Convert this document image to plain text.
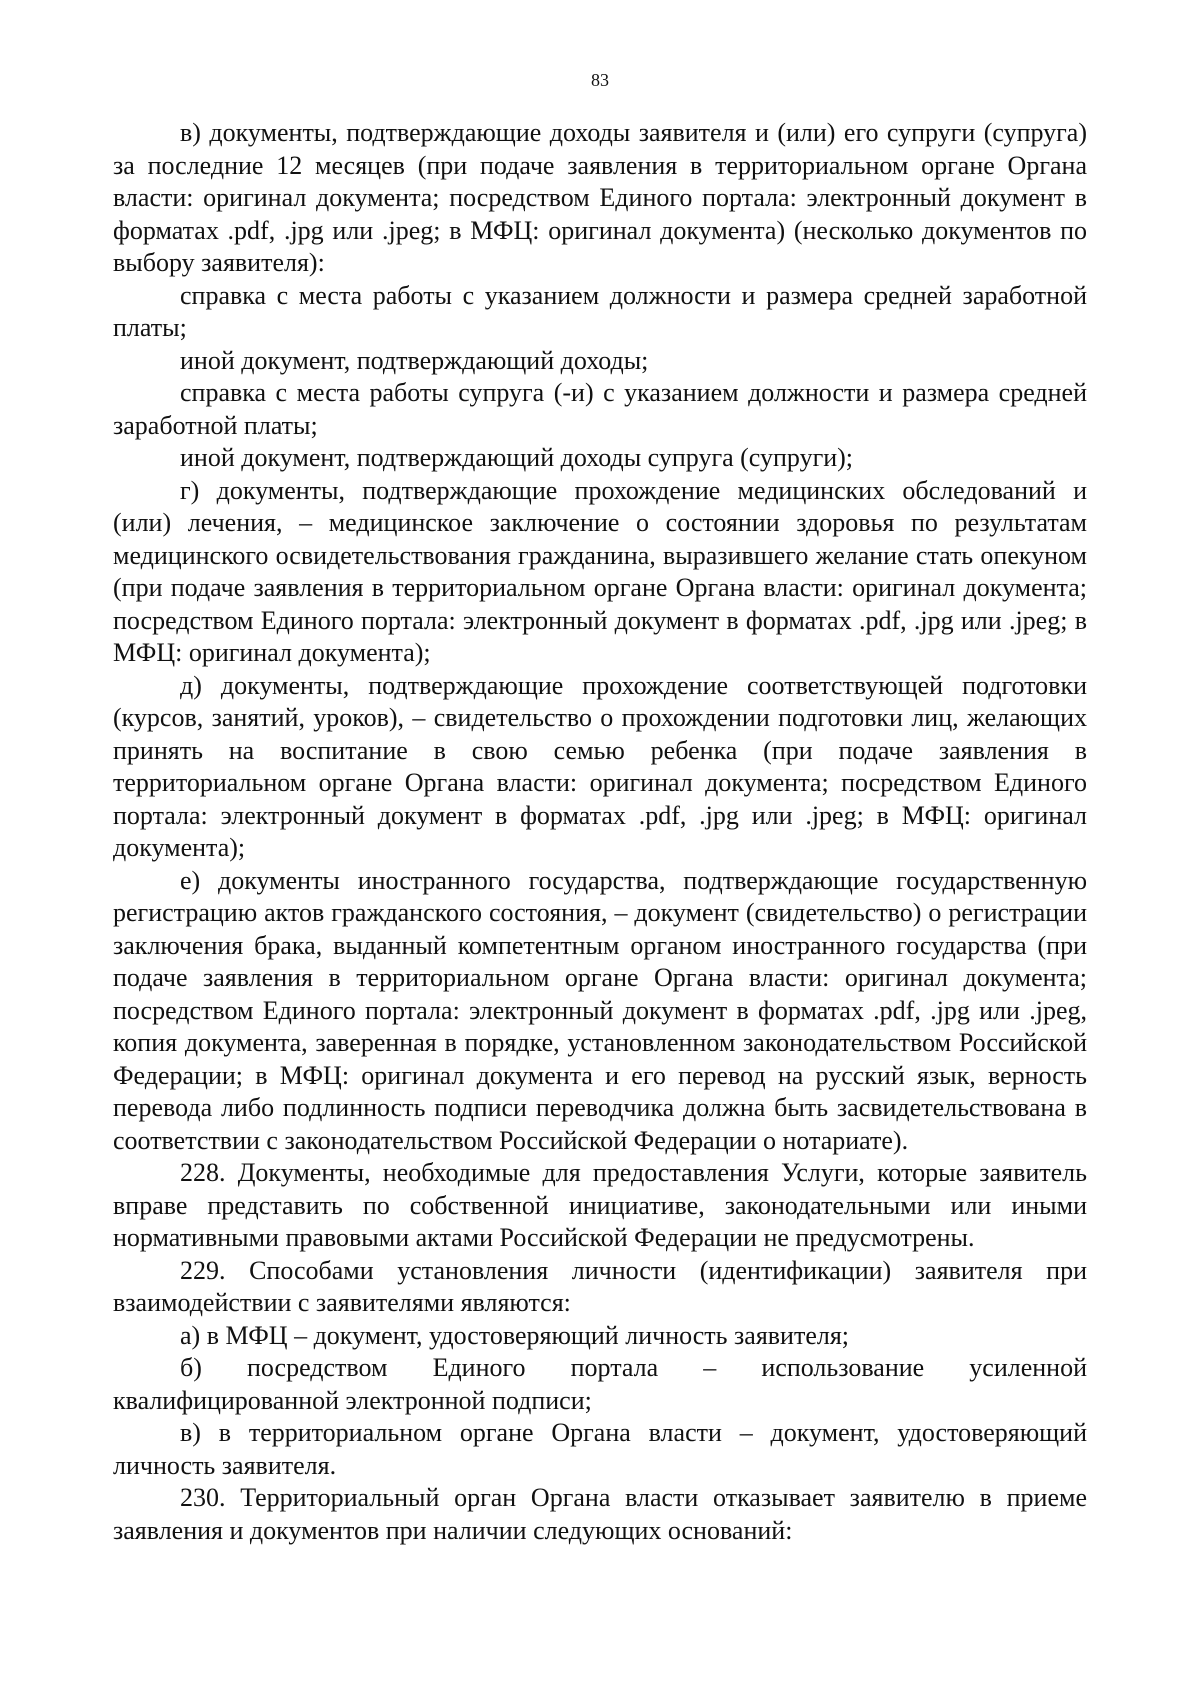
83

в) документы, подтверждающие доходы заявителя и (или) его супруги (супруга) за последние 12 месяцев (при подаче заявления в территориальном органе Органа власти: оригинал документа; посредством Единого портала: электронный документ в форматах .pdf, .jpg или .jpeg; в МФЦ: оригинал документа) (несколько документов по выбору заявителя):

справка с места работы с указанием должности и размера средней заработной платы;

иной документ, подтверждающий доходы;

справка с места работы супруга (-и) с указанием должности и размера средней заработной платы;

иной документ, подтверждающий доходы супруга (супруги);

г) документы, подтверждающие прохождение медицинских обследований и (или) лечения, – медицинское заключение о состоянии здоровья по результатам медицинского освидетельствования гражданина, выразившего желание стать опекуном (при подаче заявления в территориальном органе Органа власти: оригинал документа; посредством Единого портала: электронный документ в форматах .pdf, .jpg или .jpeg; в МФЦ: оригинал документа);

д) документы, подтверждающие прохождение соответствующей подготовки (курсов, занятий, уроков), – свидетельство о прохождении подготовки лиц, желающих принять на воспитание в свою семью ребенка (при подаче заявления в территориальном органе Органа власти: оригинал документа; посредством Единого портала: электронный документ в форматах .pdf, .jpg или .jpeg; в МФЦ: оригинал документа);

е) документы иностранного государства, подтверждающие государственную регистрацию актов гражданского состояния, – документ (свидетельство) о регистрации заключения брака, выданный компетентным органом иностранного государства (при подаче заявления в территориальном органе Органа власти: оригинал документа; посредством Единого портала: электронный документ в форматах .pdf, .jpg или .jpeg, копия документа, заверенная в порядке, установленном законодательством Российской Федерации; в МФЦ: оригинал документа и его перевод на русский язык, верность перевода либо подлинность подписи переводчика должна быть засвидетельствована в соответствии с законодательством Российской Федерации о нотариате).

228. Документы, необходимые для предоставления Услуги, которые заявитель вправе представить по собственной инициативе, законодательными или иными нормативными правовыми актами Российской Федерации не предусмотрены.

229. Способами установления личности (идентификации) заявителя при взаимодействии с заявителями являются:

а) в МФЦ – документ, удостоверяющий личность заявителя;

б) посредством Единого портала – использование усиленной квалифицированной электронной подписи;

в) в территориальном органе Органа власти – документ, удостоверяющий личность заявителя.

230. Территориальный орган Органа власти отказывает заявителю в приеме заявления и документов при наличии следующих оснований:
